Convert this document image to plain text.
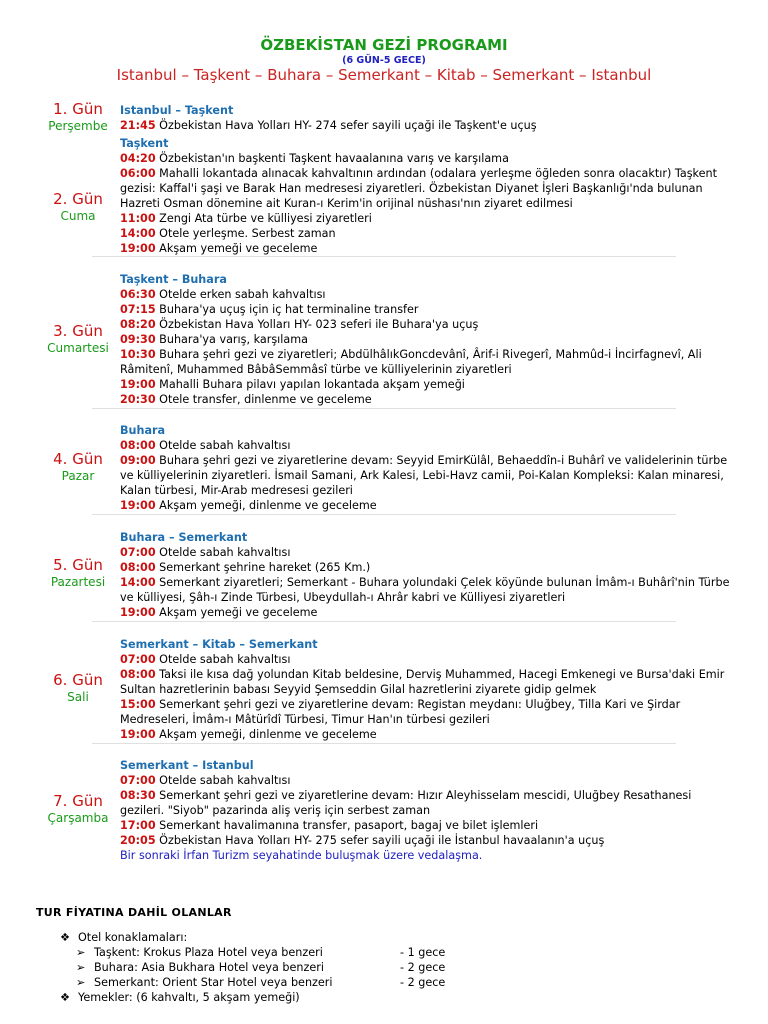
ÖZBEKİSTAN GEZİ PROGRAMI
(6 GÜN-5 GECE)
Istanbul – Taşkent – Buhara – Semerkant – Kitab – Semerkant – Istanbul
1. Gün
Perşembe
Istanbul – Taşkent
21:45 Özbekistan Hava Yolları HY- 274 sefer sayili uçaği ile Taşkent'e uçuş
2. Gün
Cuma
Taşkent
04:20 Özbekistan'ın başkenti Taşkent havaalanına varış ve karşılama
06:00 Mahalli lokantada alınacak kahvaltının ardından (odalara yerleşme öğleden sonra olacaktır) Taşkent gezisi: Kaffal'i şaşi ve Barak Han medresesi ziyaretleri. Özbekistan Diyanet İşleri Başkanlığı'nda bulunan Hazreti Osman dönemine ait Kuran-ı Kerim'in orijinal nüshası'nın ziyaret edilmesi
11:00 Zengi Ata türbe ve külliyesi ziyaretleri
14:00 Otele yerleşme. Serbest zaman
19:00 Akşam yemeği ve geceleme
3. Gün
Cumartesi
Taşkent – Buhara
06:30 Otelde erken sabah kahvaltısı
07:15 Buhara'ya uçuş için iç hat terminaline transfer
08:20 Özbekistan Hava Yolları HY- 023 seferi ile Buhara'ya uçuş
09:30 Buhara'ya varış, karşılama
10:30 Buhara şehri gezi ve ziyaretleri; AbdülhâlıkGoncdevânî, Ârif-i Rivegerî, Mahmûd-i İncirfagnevî, Ali Râmitenî, Muhammed BâbâSemmâsî türbe ve külliyelerinin ziyaretleri
19:00 Mahalli Buhara pilavı yapılan lokantada akşam yemeği
20:30 Otele transfer, dinlenme ve geceleme
4. Gün
Pazar
Buhara
08:00 Otelde sabah kahvaltısı
09:00 Buhara şehri gezi ve ziyaretlerine devam: Seyyid EmirKülâl, Behaeddîn-i Buhârî ve validelerinin türbe ve külliyelerinin ziyaretleri. İsmail Samani, Ark Kalesi, Lebi-Havz camii, Poi-Kalan Kompleksi: Kalan minaresi, Kalan türbesi, Mir-Arab medresesi gezileri
19:00 Akşam yemeği, dinlenme ve geceleme
5. Gün
Pazartesi
Buhara – Semerkant
07:00 Otelde sabah kahvaltısı
08:00 Semerkant şehrine hareket (265 Km.)
14:00 Semerkant ziyaretleri; Semerkant - Buhara yolundaki Çelek köyünde bulunan İmâm-ı Buhârî'nin Türbe ve külliyesi, Şâh-ı Zinde Türbesi, Ubeydullah-ı Ahrâr kabri ve Külliyesi ziyaretleri
19:00 Akşam yemeği ve geceleme
6. Gün
Sali
Semerkant – Kitab – Semerkant
07:00 Otelde sabah kahvaltısı
08:00 Taksi ile kısa dağ yolundan Kitab beldesine, Derviş Muhammed, Hacegi Emkenegi ve Bursa'daki Emir Sultan hazretlerinin babası Seyyid Şemseddin Gilal hazretlerini ziyarete gidip gelmek
15:00 Semerkant şehri gezi ve ziyaretlerine devam: Registan meydanı: Uluğbey, Tilla Kari ve Şirdar Medreseleri, İmâm-ı Mâtürîdî Türbesi, Timur Han'ın türbesi gezileri
19:00 Akşam yemeği, dinlenme ve geceleme
7. Gün
Çarşamba
Semerkant – Istanbul
07:00 Otelde sabah kahvaltısı
08:30 Semerkant şehri gezi ve ziyaretlerine devam: Hızır Aleyhisselam mescidi, Uluğbey Resathanesi gezileri. "Siyob" pazarinda aliş veriş için serbest zaman
17:00 Semerkant havalimanına transfer, pasaport, bagaj ve bilet işlemleri
20:05 Özbekistan Hava Yolları HY- 275 sefer sayili uçaği ile İstanbul havaalanın'a uçuş
Bir sonraki İrfan Turizm seyahatinde buluşmak üzere vedalaşma.
TUR FİYATINA DAHİL OLANLAR
❖ Otel konaklamaları:
➢ Taşkent: Krokus Plaza Hotel veya benzeri	- 1 gece
➢ Buhara: Asia Bukhara Hotel veya benzeri	- 2 gece
➢ Semerkant: Orient Star Hotel veya benzeri	- 2 gece
❖ Yemekler: (6 kahvaltı, 5 akşam yemeği)
